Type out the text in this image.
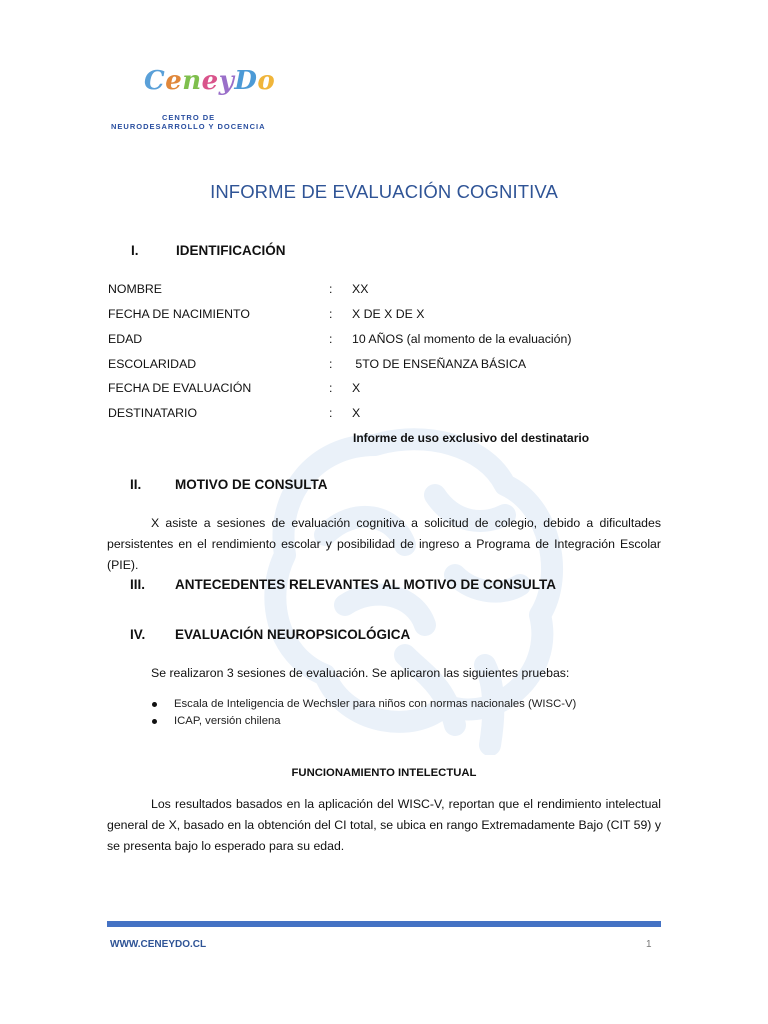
CeneyDo
CENTRO DE
NEURODESARROLLO Y DOCENCIA
INFORME DE EVALUACIÓN COGNITIVA
I.	IDENTIFICACIÓN
NOMBRE	: XX
FECHA DE NACIMIENTO	: X DE X DE X
EDAD	: 10 AÑOS (al momento de la evaluación)
ESCOLARIDAD	: 5TO DE ENSEÑANZA BÁSICA
FECHA DE EVALUACIÓN	: X
DESTINATARIO	: X
Informe de uso exclusivo del destinatario
II. MOTIVO DE CONSULTA

X asiste a sesiones de evaluación cognitiva a solicitud de colegio, debido a dificultades persistentes en el rendimiento escolar y posibilidad de ingreso a Programa de Integración Escolar (PIE).

III. ANTECEDENTES RELEVANTES AL MOTIVO DE CONSULTA
IV. EVALUACIÓN NEUROPSICOLÓGICA
Se realizaron 3 sesiones de evaluación. Se aplicaron las siguientes pruebas:
Escala de Inteligencia de Wechsler para niños con normas nacionales (WISC-V)
ICAP, versión chilena
FUNCIONAMIENTO INTELECTUAL

Los resultados basados en la aplicación del WISC-V, reportan que el rendimiento intelectual general de X, basado en la obtención del CI total, se ubica en rango Extremadamente Bajo (CIT 59) y se presenta bajo lo esperado para su edad.

WWW.CENEYDO.CL	1
